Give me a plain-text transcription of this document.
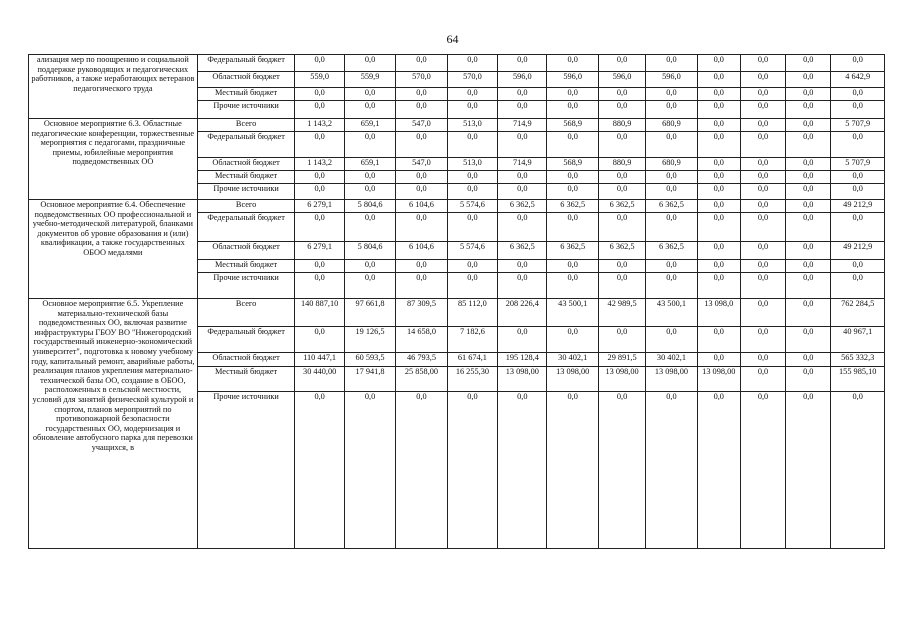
64
ализация мер по поощрению и социальной поддержке руководящих и педагогических работников, а также неработающих ветеранов педагогического труда	Федеральный бюджет	0,0	0,0	0,0	0,0	0,0	0,0	0,0	0,0	0,0	0,0	0,0	0,0
	Областной бюджет	559,0	559,9	570,0	570,0	596,0	596,0	596,0	596,0	0,0	0,0	0,0	4 642,9
	Местный бюджет	0,0	0,0	0,0	0,0	0,0	0,0	0,0	0,0	0,0	0,0	0,0	0,0
	Прочие источники	0,0	0,0	0,0	0,0	0,0	0,0	0,0	0,0	0,0	0,0	0,0	0,0
Основное мероприятие 6.3. Областные педагогические конференции, торжественные мероприятия с педагогами, праздничные приемы, юбилейные мероприятия подведомственных ОО	Всего	1 143,2	659,1	547,0	513,0	714,9	568,9	880,9	680,9	0,0	0,0	0,0	5 707,9
	Федеральный бюджет	0,0	0,0	0,0	0,0	0,0	0,0	0,0	0,0	0,0	0,0	0,0	0,0
	Областной бюджет	1 143,2	659,1	547,0	513,0	714,9	568,9	880,9	680,9	0,0	0,0	0,0	5 707,9
	Местный бюджет	0,0	0,0	0,0	0,0	0,0	0,0	0,0	0,0	0,0	0,0	0,0	0,0
	Прочие источники	0,0	0,0	0,0	0,0	0,0	0,0	0,0	0,0	0,0	0,0	0,0	0,0
Основное мероприятие 6.4. Обеспечение подведомственных ОО профессиональной и учебно-методической литературой, бланками документов об уровне образования и (или) квалификации, а также государственных ОБОО медалями	Всего	6 279,1	5 804,6	6 104,6	5 574,6	6 362,5	6 362,5	6 362,5	6 362,5	0,0	0,0	0,0	49 212,9
	Федеральный бюджет	0,0	0,0	0,0	0,0	0,0	0,0	0,0	0,0	0,0	0,0	0,0	0,0
	Областной бюджет	6 279,1	5 804,6	6 104,6	5 574,6	6 362,5	6 362,5	6 362,5	6 362,5	0,0	0,0	0,0	49 212,9
	Местный бюджет	0,0	0,0	0,0	0,0	0,0	0,0	0,0	0,0	0,0	0,0	0,0	0,0
	Прочие источники	0,0	0,0	0,0	0,0	0,0	0,0	0,0	0,0	0,0	0,0	0,0	0,0
Основное мероприятие 6.5. Укрепление материально-технической базы подведомственных ОО, включая развитие инфраструктуры ГБОУ ВО "Нижегородский государственный инженерно-экономический университет", подготовка к новому учебному году, капитальный ремонт, аварийные работы, реализация планов укрепления материально-технической базы ОО, создание в ОБОО, расположенных в сельской местности, условий для занятий физической культурой и спортом, планов мероприятий по противопожарной безопасности государственных ОО, модернизация и обновление автобусного парка для перевозки учащихся, в	Всего	140 887,10	97 661,8	87 309,5	85 112,0	208 226,4	43 500,1	42 989,5	43 500,1	13 098,0	0,0	0,0	762 284,5
	Федеральный бюджет	0,0	19 126,5	14 658,0	7 182,6	0,0	0,0	0,0	0,0	0,0	0,0	0,0	40 967,1
	Областной бюджет	110 447,1	60 593,5	46 793,5	61 674,1	195 128,4	30 402,1	29 891,5	30 402,1	0,0	0,0	0,0	565 332,3
	Местный бюджет	30 440,00	17 941,8	25 858,00	16 255,30	13 098,00	13 098,00	13 098,00	13 098,00	13 098,00	0,0	0,0	155 985,10
	Прочие источники	0,0	0,0	0,0	0,0	0,0	0,0	0,0	0,0	0,0	0,0	0,0	0,0
